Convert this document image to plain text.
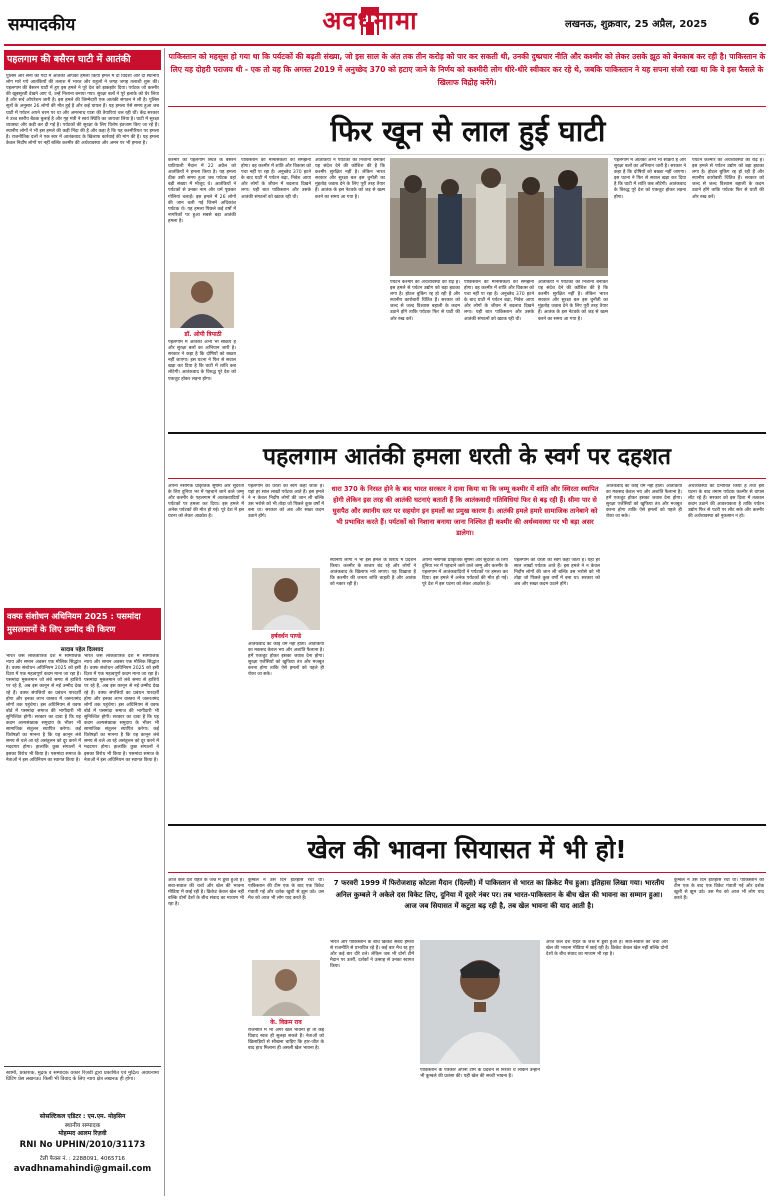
सम्पादकीय	अवधनामा	लखनऊ, शुक्रवार, 25 अप्रैल, 2025 6
पहलगाम की बसैरन घाटी में आतंकी
पुलिस और सेना की गर्दी में आतंकी आपको हमला किया हमले में दो विदेशी और दो स्थानीय लोग मारे गये आतंकियों की तलाश में भारत और राहुलों ने जगह जगह तलाशी शुरू की। पहलगाम की बैसरन घाटी में हुए इस हमले ने पूरे देश को झकझोर दिया। पर्यटक जो कश्मीर की खूबसूरती देखने आए थे, उन्हें निशाना बनाया गया। सुरक्षा बलों ने पूरे इलाके को घेर लिया है और सर्च ऑपरेशन जारी है। इस हमले की जिम्मेदारी एक आतंकी संगठन ने ली है। पुलिस सूत्रों के अनुसार 26 लोगों की मौत हुई है और कई घायल हैं। यह हमला ऐसे समय हुआ जब घाटी में पर्यटन अपने चरम पर था और अमरनाथ यात्रा की तैयारियां चल रही थीं। केंद्र सरकार ने उच्च स्तरीय बैठक बुलाई है और गृह मंत्री ने स्वयं स्थिति का जायजा लिया है। घाटी में सुरक्षा व्यवस्था और कड़ी कर दी गई है। पर्यटकों की सुरक्षा के लिए विशेष इंतजाम किए जा रहे हैं। स्थानीय लोगों ने भी इस हमले की कड़ी निंदा की है और कहा है कि यह कश्मीरियत पर हमला है। राजनीतिक दलों ने एक स्वर में आतंकवाद के खिलाफ कार्रवाई की मांग की है। यह हमला केवल निर्दोष लोगों पर नहीं बल्कि कश्मीर की अर्थव्यवस्था और अमन पर भी हमला है।
वक्फ संशोधन अधिनियम 2025 : पसमांदा मुसलमानों के लिए उम्मीद की किरण
सादाब पहेल दिलशाद
भारत जैसे लोकतांत्रिक देश में सामाजिक न्याय और समान अवसर एक मौलिक सिद्धांत है। वक्फ संशोधन अधिनियम 2025 को इसी दिशा में एक महत्वपूर्ण कदम माना जा रहा है। पसमांदा मुसलमान जो लंबे समय से हाशिये पर रहे हैं, अब इस कानून से नई उम्मीद देख रहे हैं। वक्फ संपत्तियों का प्रबंधन पारदर्शी होगा और इनका लाभ वास्तव में जरूरतमंद लोगों तक पहुंचेगा। इस अधिनियम से वक्फ बोर्ड में पसमांदा समाज की भागीदारी भी सुनिश्चित होगी। सरकार का दावा है कि यह कदम अल्पसंख्यक समुदाय के भीतर भी सामाजिक संतुलन स्थापित करेगा। कई विशेषज्ञों का मानना है कि यह कानून लंबे समय से चले आ रहे असंतुलन को दूर करने में मददगार होगा। हालांकि कुछ संगठनों ने इसका विरोध भी किया है। पसमांदा समाज के नेताओं ने इस अधिनियम का स्वागत किया है।
भारत जैसे लोकतांत्रिक देश में सामाजिक न्याय और समान अवसर एक मौलिक सिद्धांत है। वक्फ संशोधन अधिनियम 2025 को इसी दिशा में एक महत्वपूर्ण कदम माना जा रहा है। पसमांदा मुसलमान जो लंबे समय से हाशिये पर रहे हैं, अब इस कानून से नई उम्मीद देख रहे हैं। वक्फ संपत्तियों का प्रबंधन पारदर्शी होगा और इनका लाभ वास्तव में जरूरतमंद लोगों तक पहुंचेगा। इस अधिनियम से वक्फ बोर्ड में पसमांदा समाज की भागीदारी भी सुनिश्चित होगी। सरकार का दावा है कि यह कदम अल्पसंख्यक समुदाय के भीतर भी सामाजिक संतुलन स्थापित करेगा। कई विशेषज्ञों का मानना है कि यह कानून लंबे समय से चले आ रहे असंतुलन को दूर करने में मददगार होगा। हालांकि कुछ संगठनों ने इसका विरोध भी किया है। पसमांदा समाज के नेताओं ने इस अधिनियम का स्वागत किया है।
स्वामी, प्रकाशक, मुद्रक व सम्पादक वकार रिज़वी द्वारा प्रकाशित एवं मुद्रित। अवधनामा प्रिंटिंग प्रेस लखनऊ। किसी भी विवाद के लिए न्याय क्षेत्र लखनऊ ही होगा।
सोसल्टिकल एडिटर : एम.एम. मोहसिन
स्थानीय सम्पादक
मोहम्मद आलम रिज़वी
RNI No UPHIN/2010/31173
टेली फैक्स नं. : 2288091, 4065716
avadhnamahindi@gmail.com
पाकिस्तान को महसूस हो गया था कि पर्यटकों की बढ़ती संख्या, जो इस साल के अंत तक तीन करोड़ को पार कर सकती थी, उनकी दुष्प्रचार नीति और कश्मीर को लेकर उसके झूठ को बेनकाब कर रही है। पाकिस्तान के लिए यह दोहरी पराजय थी - एक तो यह कि अगस्त 2019 में अनुच्छेद 370 को हटाए जाने के निर्णय को कश्मीरी लोग धीरे-धीरे स्वीकार कर रहे थे, जबकि पाकिस्तान ने यह सपना संजो रखा था कि वे इस फैसले के खिलाफ विद्रोह करेंगे।
फिर खून से लाल हुई घाटी
कश्मीर की पहलगाम स्थित के बैसरन घाटियाली मैदान में 22 अप्रैल को आतंकियों ने हमला किया है। यह हमला ठीक उसी समय हुआ जब पर्यटक वहां बड़ी संख्या में मौजूद थे। आतंकियों ने पर्यटकों से उनका नाम और धर्म पूछकर गोलियां चलाईं। इस हमले में 26 लोगों की जान चली गई जिनमें अधिकांश पर्यटक थे। यह हमला पिछले कई वर्षों में नागरिकों पर हुआ सबसे बड़ा आतंकी हमला है।
डॉ. ओपी त्रिपाठी
पहलगाम में आतंकी अभी भी सक्रिय हैं और सुरक्षा बलों का अभियान जारी है। सरकार ने कहा है कि दोषियों को बख्शा नहीं जाएगा। इस घटना ने फिर से सवाल खड़ा कर दिया है कि घाटी में शांति कब लौटेगी। आतंकवाद के विरुद्ध पूरे देश को एकजुट होकर लड़ना होगा।
पाकिस्तान की मानसिकता को समझना होगा। वह कश्मीर में शांति और विकास को पचा नहीं पा रहा है। अनुच्छेद 370 हटने के बाद घाटी में पर्यटन बढ़ा, निवेश आया और लोगों के जीवन में बदलाव दिखने लगा। यही बात पाकिस्तान और उसके आतंकी संगठनों को खटक रही थी।
आतंकियों ने पर्यटकों को निशाना बनाकर यह संदेश देने की कोशिश की है कि कश्मीर सुरक्षित नहीं है। लेकिन भारत सरकार और सुरक्षा बल इस चुनौती का मुंहतोड़ जवाब देने के लिए पूरी तरह तैयार हैं। आतंक के इस नेटवर्क को जड़ से खत्म करने का समय आ गया है।
पर्यटन कश्मीर की अर्थव्यवस्था की रीढ़ है। इस हमले से पर्यटन उद्योग को बड़ा झटका लगा है। होटल बुकिंग रद्द हो रही हैं और स्थानीय कारोबारी चिंतित हैं। सरकार को जल्द से जल्द विश्वास बहाली के कदम उठाने होंगे ताकि पर्यटक फिर से घाटी की ओर रुख करें।
पाकिस्तान की मानसिकता को समझना होगा। वह कश्मीर में शांति और विकास को पचा नहीं पा रहा है। अनुच्छेद 370 हटने के बाद घाटी में पर्यटन बढ़ा, निवेश आया और लोगों के जीवन में बदलाव दिखने लगा। यही बात पाकिस्तान और उसके आतंकी संगठनों को खटक रही थी।
आतंकियों ने पर्यटकों को निशाना बनाकर यह संदेश देने की कोशिश की है कि कश्मीर सुरक्षित नहीं है। लेकिन भारत सरकार और सुरक्षा बल इस चुनौती का मुंहतोड़ जवाब देने के लिए पूरी तरह तैयार हैं। आतंक के इस नेटवर्क को जड़ से खत्म करने का समय आ गया है।
पहलगाम में आतंकी अभी भी सक्रिय हैं और सुरक्षा बलों का अभियान जारी है। सरकार ने कहा है कि दोषियों को बख्शा नहीं जाएगा। इस घटना ने फिर से सवाल खड़ा कर दिया है कि घाटी में शांति कब लौटेगी। आतंकवाद के विरुद्ध पूरे देश को एकजुट होकर लड़ना होगा।
पर्यटन कश्मीर की अर्थव्यवस्था की रीढ़ है। इस हमले से पर्यटन उद्योग को बड़ा झटका लगा है। होटल बुकिंग रद्द हो रही हैं और स्थानीय कारोबारी चिंतित हैं। सरकार को जल्द से जल्द विश्वास बहाली के कदम उठाने होंगे ताकि पर्यटक फिर से घाटी की ओर रुख करें।
पहलगाम आतंकी हमला धरती के स्वर्ग पर दहशत
अपनी नैसर्गिक प्राकृतिक सुषमा और सुंदरता के लिए दुनिया भर में पहचाने जाने वाले जम्मू और कश्मीर के पहलगाम में आतंकवादियों ने पर्यटकों पर हमला कर दिया। इस हमले में अनेक पर्यटकों की मौत हो गई। पूरे देश में इस घटना को लेकर आक्रोश है।
पहलगाम को धरती का स्वर्ग कहा जाता है। यहां हर साल लाखों पर्यटक आते हैं। इस हमले ने न केवल निर्दोष लोगों की जान ली बल्कि उस भरोसे को भी तोड़ा जो पिछले कुछ वर्षों में बना था। सरकार को अब और सख्त कदम उठाने होंगे।
हर्षवर्धन पाण्डे
आतंकवाद का कोई धर्म नहीं होता। आतंकियों का मकसद केवल भय और अशांति फैलाना है। हमें एकजुट होकर इसका जवाब देना होगा। सुरक्षा एजेंसियों को खुफिया तंत्र और मजबूत करना होगा ताकि ऐसे हमलों को पहले ही रोका जा सके।
धारा 370 के निरस्त होने के बाद भारत सरकार ने दावा किया था कि जम्मू कश्मीर में शांति और स्थिरता स्थापित होगी लेकिन इस तरह की आतंकी घटनाएं बताती हैं कि आतंकवादी गतिविधियां फिर से बढ़ रही हैं। सीमा पार से घुसपैठ और स्थानीय स्तर पर सहयोग इन हमलों का प्रमुख कारण है। आतंकी हमले हमारे सामाजिक तानेबाने को भी प्रभावित करते हैं। पर्यटकों को निशाना बनाया जाना निश्चित ही कश्मीर की अर्थव्यवस्था पर भी बड़ा असर डालेगा।
स्थानीय लोगों ने भी इस हमले के विरोध में प्रदर्शन किया। कश्मीर के बाजार बंद रहे और लोगों ने आतंकवाद के खिलाफ नारे लगाए। यह दिखाता है कि कश्मीर की जनता शांति चाहती है और आतंक को नकार रही है।
अपनी नैसर्गिक प्राकृतिक सुषमा और सुंदरता के लिए दुनिया भर में पहचाने जाने वाले जम्मू और कश्मीर के पहलगाम में आतंकवादियों ने पर्यटकों पर हमला कर दिया। इस हमले में अनेक पर्यटकों की मौत हो गई। पूरे देश में इस घटना को लेकर आक्रोश है।
पहलगाम को धरती का स्वर्ग कहा जाता है। यहां हर साल लाखों पर्यटक आते हैं। इस हमले ने न केवल निर्दोष लोगों की जान ली बल्कि उस भरोसे को भी तोड़ा जो पिछले कुछ वर्षों में बना था। सरकार को अब और सख्त कदम उठाने होंगे।
आतंकवाद का कोई धर्म नहीं होता। आतंकियों का मकसद केवल भय और अशांति फैलाना है। हमें एकजुट होकर इसका जवाब देना होगा। सुरक्षा एजेंसियों को खुफिया तंत्र और मजबूत करना होगा ताकि ऐसे हमलों को पहले ही रोका जा सके।
अर्थव्यवस्था को प्रभावित किया है तथा इस घटना के बाद तमाम पर्यटक कश्मीर से वापस लौट रहे हैं। सरकार को इस दिशा में तत्काल कदम उठाने की आवश्यकता है ताकि पर्यटन उद्योग फिर से पटरी पर लौट सके और कश्मीर की अर्थव्यवस्था को नुकसान न हो।
खेल की भावना सियासत में भी हो!
आज कल देश राहत के जश्न में डूबा हुआ है। सवा-सवाल की चर्चा और खेल की भावना मीडिया में छाई रही है। क्रिकेट केवल खेल नहीं बल्कि दोनों देशों के बीच संवाद का माध्यम भी रहा है।
कुम्बले ने उस दिन इतिहास रचा था। पाकिस्तान की टीम एक के बाद एक विकेट गंवाती गई और दर्शक खुशी से झूम उठे। उस मैच को आज भी लोग याद करते हैं।
के. विक्रम राव
राजनीति में भी अगर खेल भावना हो तो कई विवाद स्वतः ही सुलझ सकते हैं। नेताओं को खिलाड़ियों से सीखना चाहिए कि हार-जीत के बाद हाथ मिलाना ही असली खेल भावना है।
7 फरवरी 1999 में फिरोजशाह कोटला मैदान (दिल्ली) में पाकिस्तान से भारत का क्रिकेट मैच हुआ। इतिहास लिखा गया। भारतीय अनिल कुम्बले ने अकेले दस विकेट लिए, दुनिया में दूसरे नंबर पर। तब भारत-पाकिस्तान के बीच खेल की भावना का सम्मान हुआ। आज जब सियासत में कटुता बढ़ रही है, तब खेल भावना की याद आती है।
भारत और पाकिस्तान के बीच क्रिकेट संबंध हमेशा से राजनीति से प्रभावित रहे हैं। कई बार मैच रद्द हुए और कई बार दौरे टले। लेकिन जब भी दोनों टीमें मैदान पर उतरीं, दर्शकों ने उत्साह से उनका स्वागत किया।
पाकिस्तान के पत्रकार अपनी टीम के प्रदर्शन से निराश थे लेकिन उन्होंने भी कुम्बले की प्रशंसा की। यही खेल की सच्ची भावना है।
आज कल देश राहत के जश्न में डूबा हुआ है। सवा-सवाल की चर्चा और खेल की भावना मीडिया में छाई रही है। क्रिकेट केवल खेल नहीं बल्कि दोनों देशों के बीच संवाद का माध्यम भी रहा है।
कुम्बले ने उस दिन इतिहास रचा था। पाकिस्तान की टीम एक के बाद एक विकेट गंवाती गई और दर्शक खुशी से झूम उठे। उस मैच को आज भी लोग याद करते हैं।
